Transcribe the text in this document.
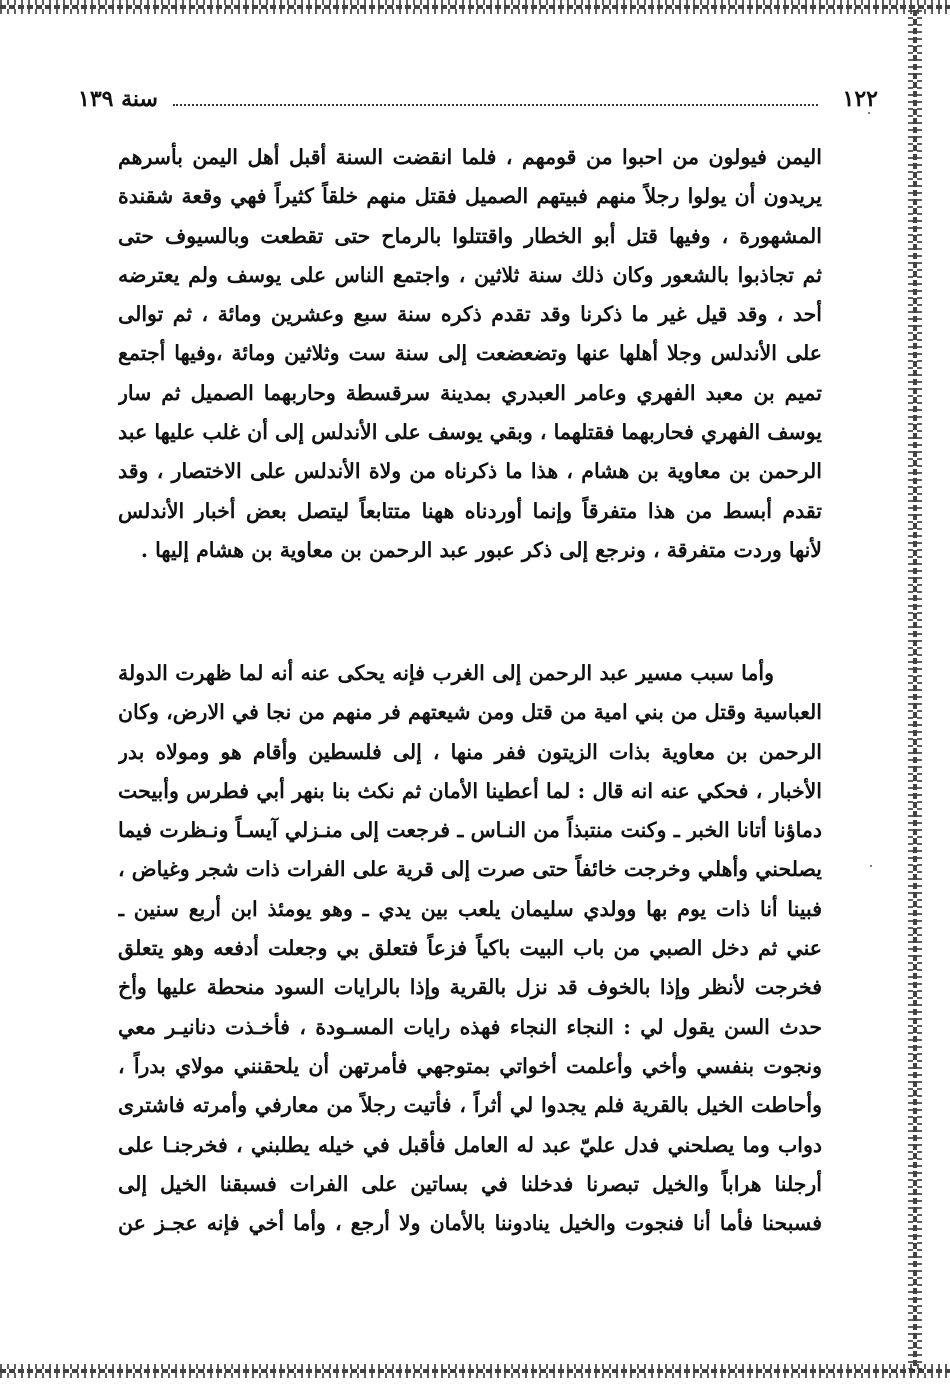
١٢٢
سنة ١٣٩
اليمن فيولون من احبوا من قومهم ، فلما انقضت السنة أقبل أهل اليمن بأسرهم
يريدون أن يولوا رجلاً منهم فبيتهم الصميل فقتل منهم خلقاً كثيراً فهي وقعة شقندة
المشهورة ، وفيها قتل أبو الخطار واقتتلوا بالرماح حتى تقطعت وبالسيوف حتى
ثم تجاذبوا بالشعور وكان ذلك سنة ثلاثين ، واجتمع الناس على يوسف ولم يعترضه
أحد ، وقد قيل غير ما ذكرنا وقد تقدم ذكره سنة سبع وعشرين ومائة ، ثم توالى
على الأندلس وجلا أهلها عنها وتضعضعت إلى سنة ست وثلاثين ومائة ،وفيها أجتمع
تميم بن معبد الفهري وعامر العبدري بمدينة سرقسطة وحاربهما الصميل ثم سار
يوسف الفهري فحاربهما فقتلهما ، وبقي يوسف على الأندلس إلى أن غلب عليها عبد
الرحمن بن معاوية بن هشام ، هذا ما ذكرناه من ولاة الأندلس على الاختصار ، وقد
تقدم أبسط من هذا متفرقاً وإنما أوردناه ههنا متتابعاً ليتصل بعض أخبار الأندلس
لأنها وردت متفرقة ، ونرجع إلى ذكر عبور عبد الرحمن بن معاوية بن هشام إليها .
وأما سبب مسير عبد الرحمن إلى الغرب فإنه يحكى عنه أنه لما ظهرت الدولة
العباسية وقتل من بني امية من قتل ومن شيعتهم فر منهم من نجا في الارض، وكان
الرحمن بن معاوية بذات الزيتون ففر منها ، إلى فلسطين وأقام هو ومولاه بدر
الأخبار ، فحكي عنه انه قال : لما أعطينا الأمان ثم نكث بنا بنهر أبي فطرس وأبيحت
دماؤنا أتانا الخبر ـ وكنت منتبذاً من النـاس ـ فرجعت إلى منـزلي آيسـاً ونـظرت فيما
يصلحني وأهلي وخرجت خائفاً حتى صرت إلى قرية على الفرات ذات شجر وغياض ،
فبينا أنا ذات يوم بها وولدي سليمان يلعب بين يدي ـ وهو يومئذ ابن أربع سنين ـ
عني ثم دخل الصبي من باب البيت باكياً فزعاً فتعلق بي وجعلت أدفعه وهو يتعلق
فخرجت لأنظر وإذا بالخوف قد نزل بالقرية وإذا بالرايات السود منحطة عليها وأخ
حدث السن يقول لي : النجاء النجاء فهذه رايات المسـودة ، فأخـذت دنانيـر معي
ونجوت بنفسي وأخي وأعلمت أخواتي بمتوجهي فأمرتهن أن يلحقنني مولاي بدراً ،
وأحاطت الخيل بالقرية فلم يجدوا لي أثراً ، فأتيت رجلاً من معارفي وأمرته فاشترى
دواب وما يصلحني فدل عليّ عبد له العامل فأقبل في خيله يطلبني ، فخرجنـا على
أرجلنا هراباً والخيل تبصرنا فدخلنا في بساتين على الفرات فسبقنا الخيل إلى
فسبحنا فأما أنا فنجوت والخيل ينادوننا بالأمان ولا أرجع ، وأما أخي فإنه عجـز عن
